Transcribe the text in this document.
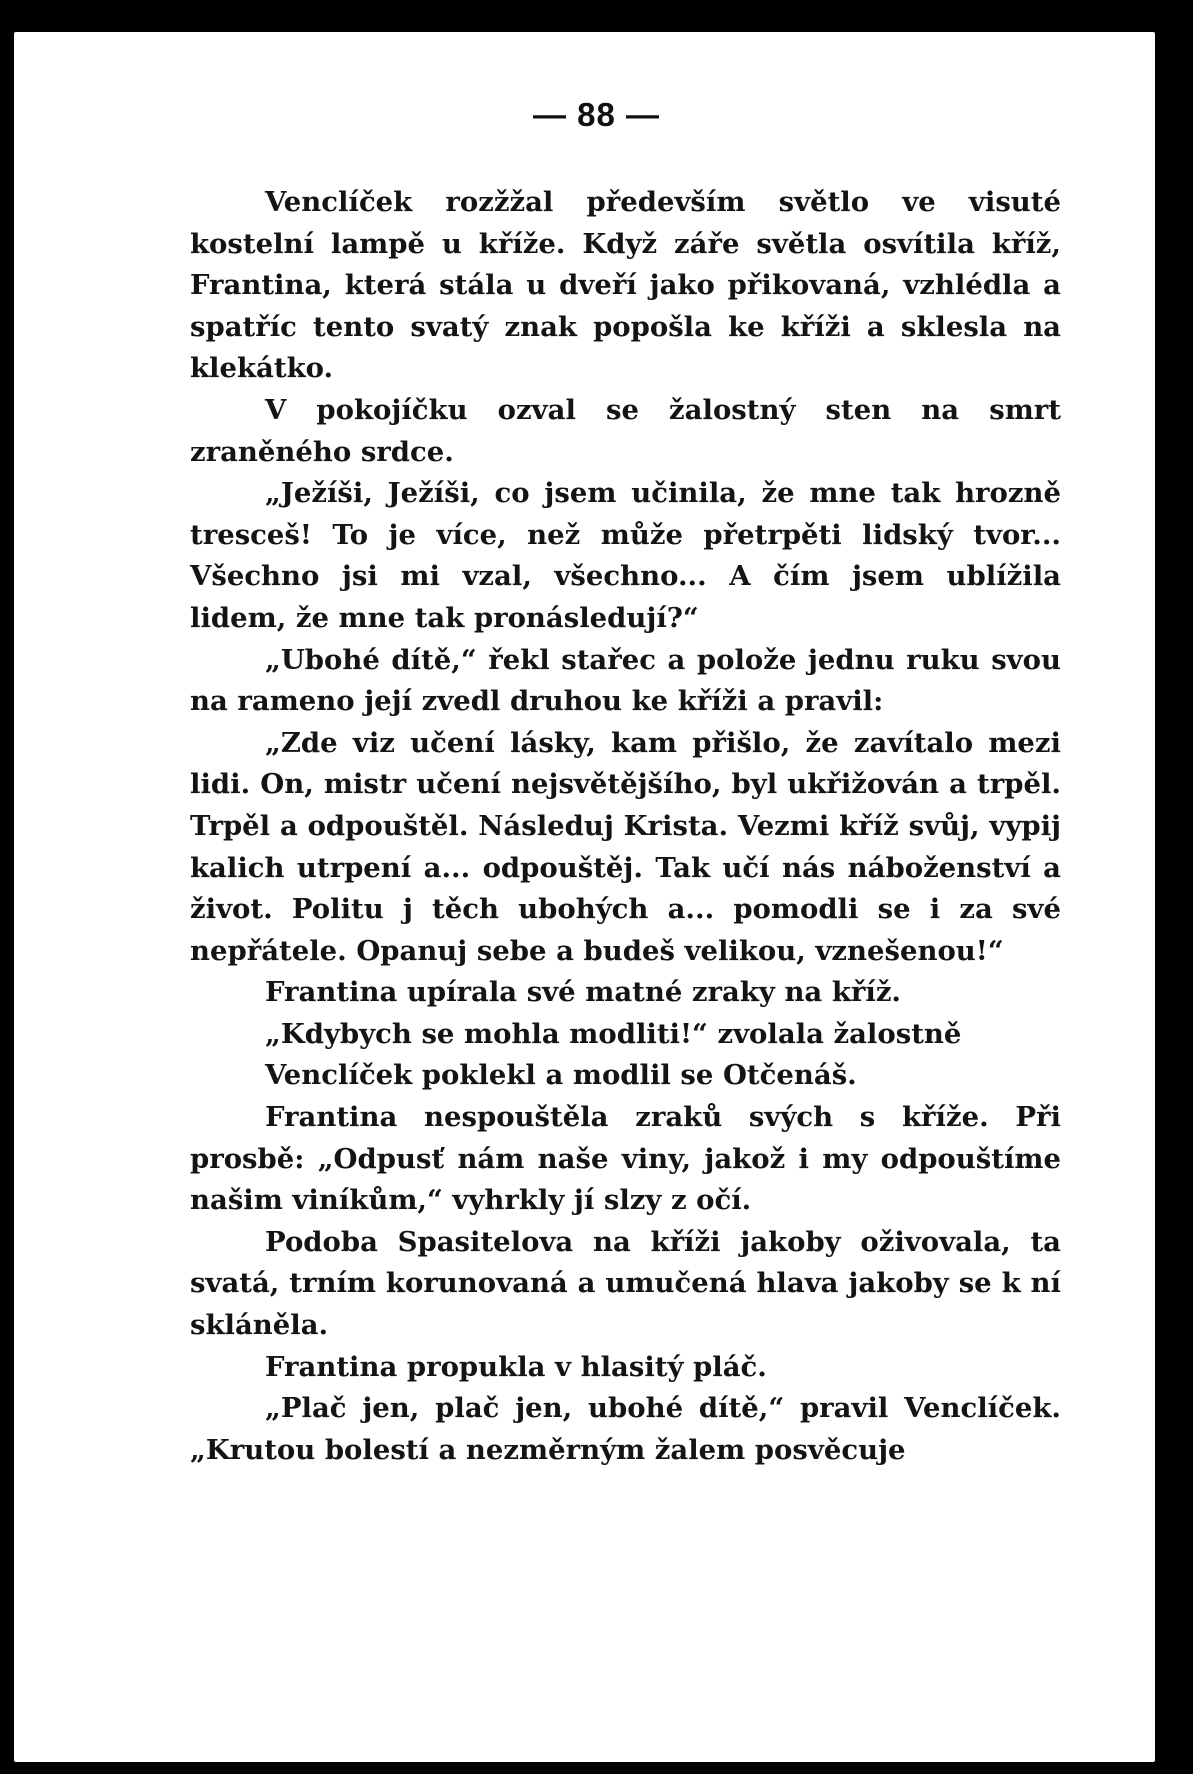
— 88 —

Venclíček rozžžal především světlo ve visuté kostelní lampě u kříže. Když záře světla osvítila kříž, Frantina, která stála u dveří jako přikovaná, vzhlédla a spatříc tento svatý znak popošla ke kříži a sklesla na klekátko.

V pokojíčku ozval se žalostný sten na smrt zraněného srdce.

„Ježíši, Ježíši, co jsem učinila, že mne tak hrozně tresceš! To je více, než může přetrpěti lidský tvor... Všechno jsi mi vzal, všechno... A čím jsem ublížila lidem, že mne tak pronásledují?“

„Ubohé dítě,“ řekl stařec a polože jednu ruku svou na rameno její zvedl druhou ke kříži a pravil:

„Zde viz učení lásky, kam přišlo, že zavítalo mezi lidi. On, mistr učení nejsvětějšího, byl ukřižován a trpěl. Trpěl a odpouštěl. Následuj Krista. Vezmi kříž svůj, vypij kalich utrpení a... odpouštěj. Tak učí nás náboženství a život. Politu j těch ubohých a... pomodli se i za své nepřátele. Opanuj sebe a budeš velikou, vznešenou!“

Frantina upírala své matné zraky na kříž.

„Kdybych se mohla modliti!“ zvolala žalostně

Venclíček poklekl a modlil se Otčenáš.

Frantina nespouštěla zraků svých s kříže. Při prosbě: „Odpusť nám naše viny, jakož i my odpouštíme našim viníkům,“ vyhrkly jí slzy z očí.

Podoba Spasitelova na kříži jakoby oživovala, ta svatá, trním korunovaná a umučená hlava jakoby se k ní skláněla.

Frantina propukla v hlasitý pláč.

„Plač jen, plač jen, ubohé dítě,“ pravil Venclíček. „Krutou bolestí a nezměrným žalem posvěcuje
